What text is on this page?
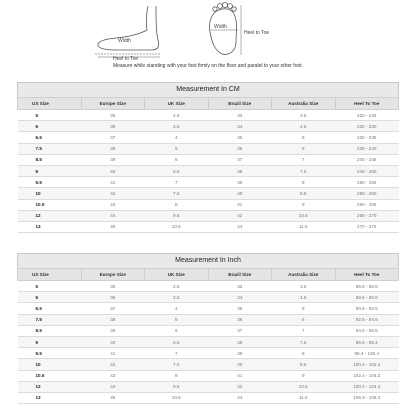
Width
Heel to Toe
Width
Heel to Toe
Measure while standing with your foot firmly on the floor and paralel to your other foot.
Measurement In CM
US Size	Europe Size	UK Size	Brazil Size	Australia Size	Heel To Toe
5	35	2.5	33	3.5	220 - 225
6	36	3.5	34	4.5	225 - 230
6.5	37	4	35	5	230 - 235
7.5	38	5	36	6	235 - 240
8.5	39	6	37	7	240 - 245
9	40	6.5	38	7.5	245 - 250
9.5	41	7	39	8	250 - 255
10	42	7.5	40	8.5	255 - 260
10.5	43	8	41	9	260 - 265
12	44	9.5	42	10.5	265 - 270
13	45	10.5	44	11.5	270 - 275
Measurement In Inch
US Size	Europe Size	UK Size	Brazil Size	Australia Size	Heel To Toe
5	35	2.5	33	3.5	86.6 - 88.6
6	36	3.5	34	4.5	88.6 - 90.6
6.5	37	4	35	5	90.6 - 92.5
7.5	38	5	36	6	92.5 - 94.5
8.5	39	6	37	7	94.5 - 96.5
9	40	6.5	38	7.5	96.5 - 98.4
9.5	41	7	39	8	98.4 - 100.4
10	42	7.5	40	8.5	100.4 - 102.4
10.5	43	8	41	9	102.4 - 104.3
12	44	9.5	42	10.5	100.4 - 104.3
13	45	10.5	44	11.5	106.3 - 108.3
